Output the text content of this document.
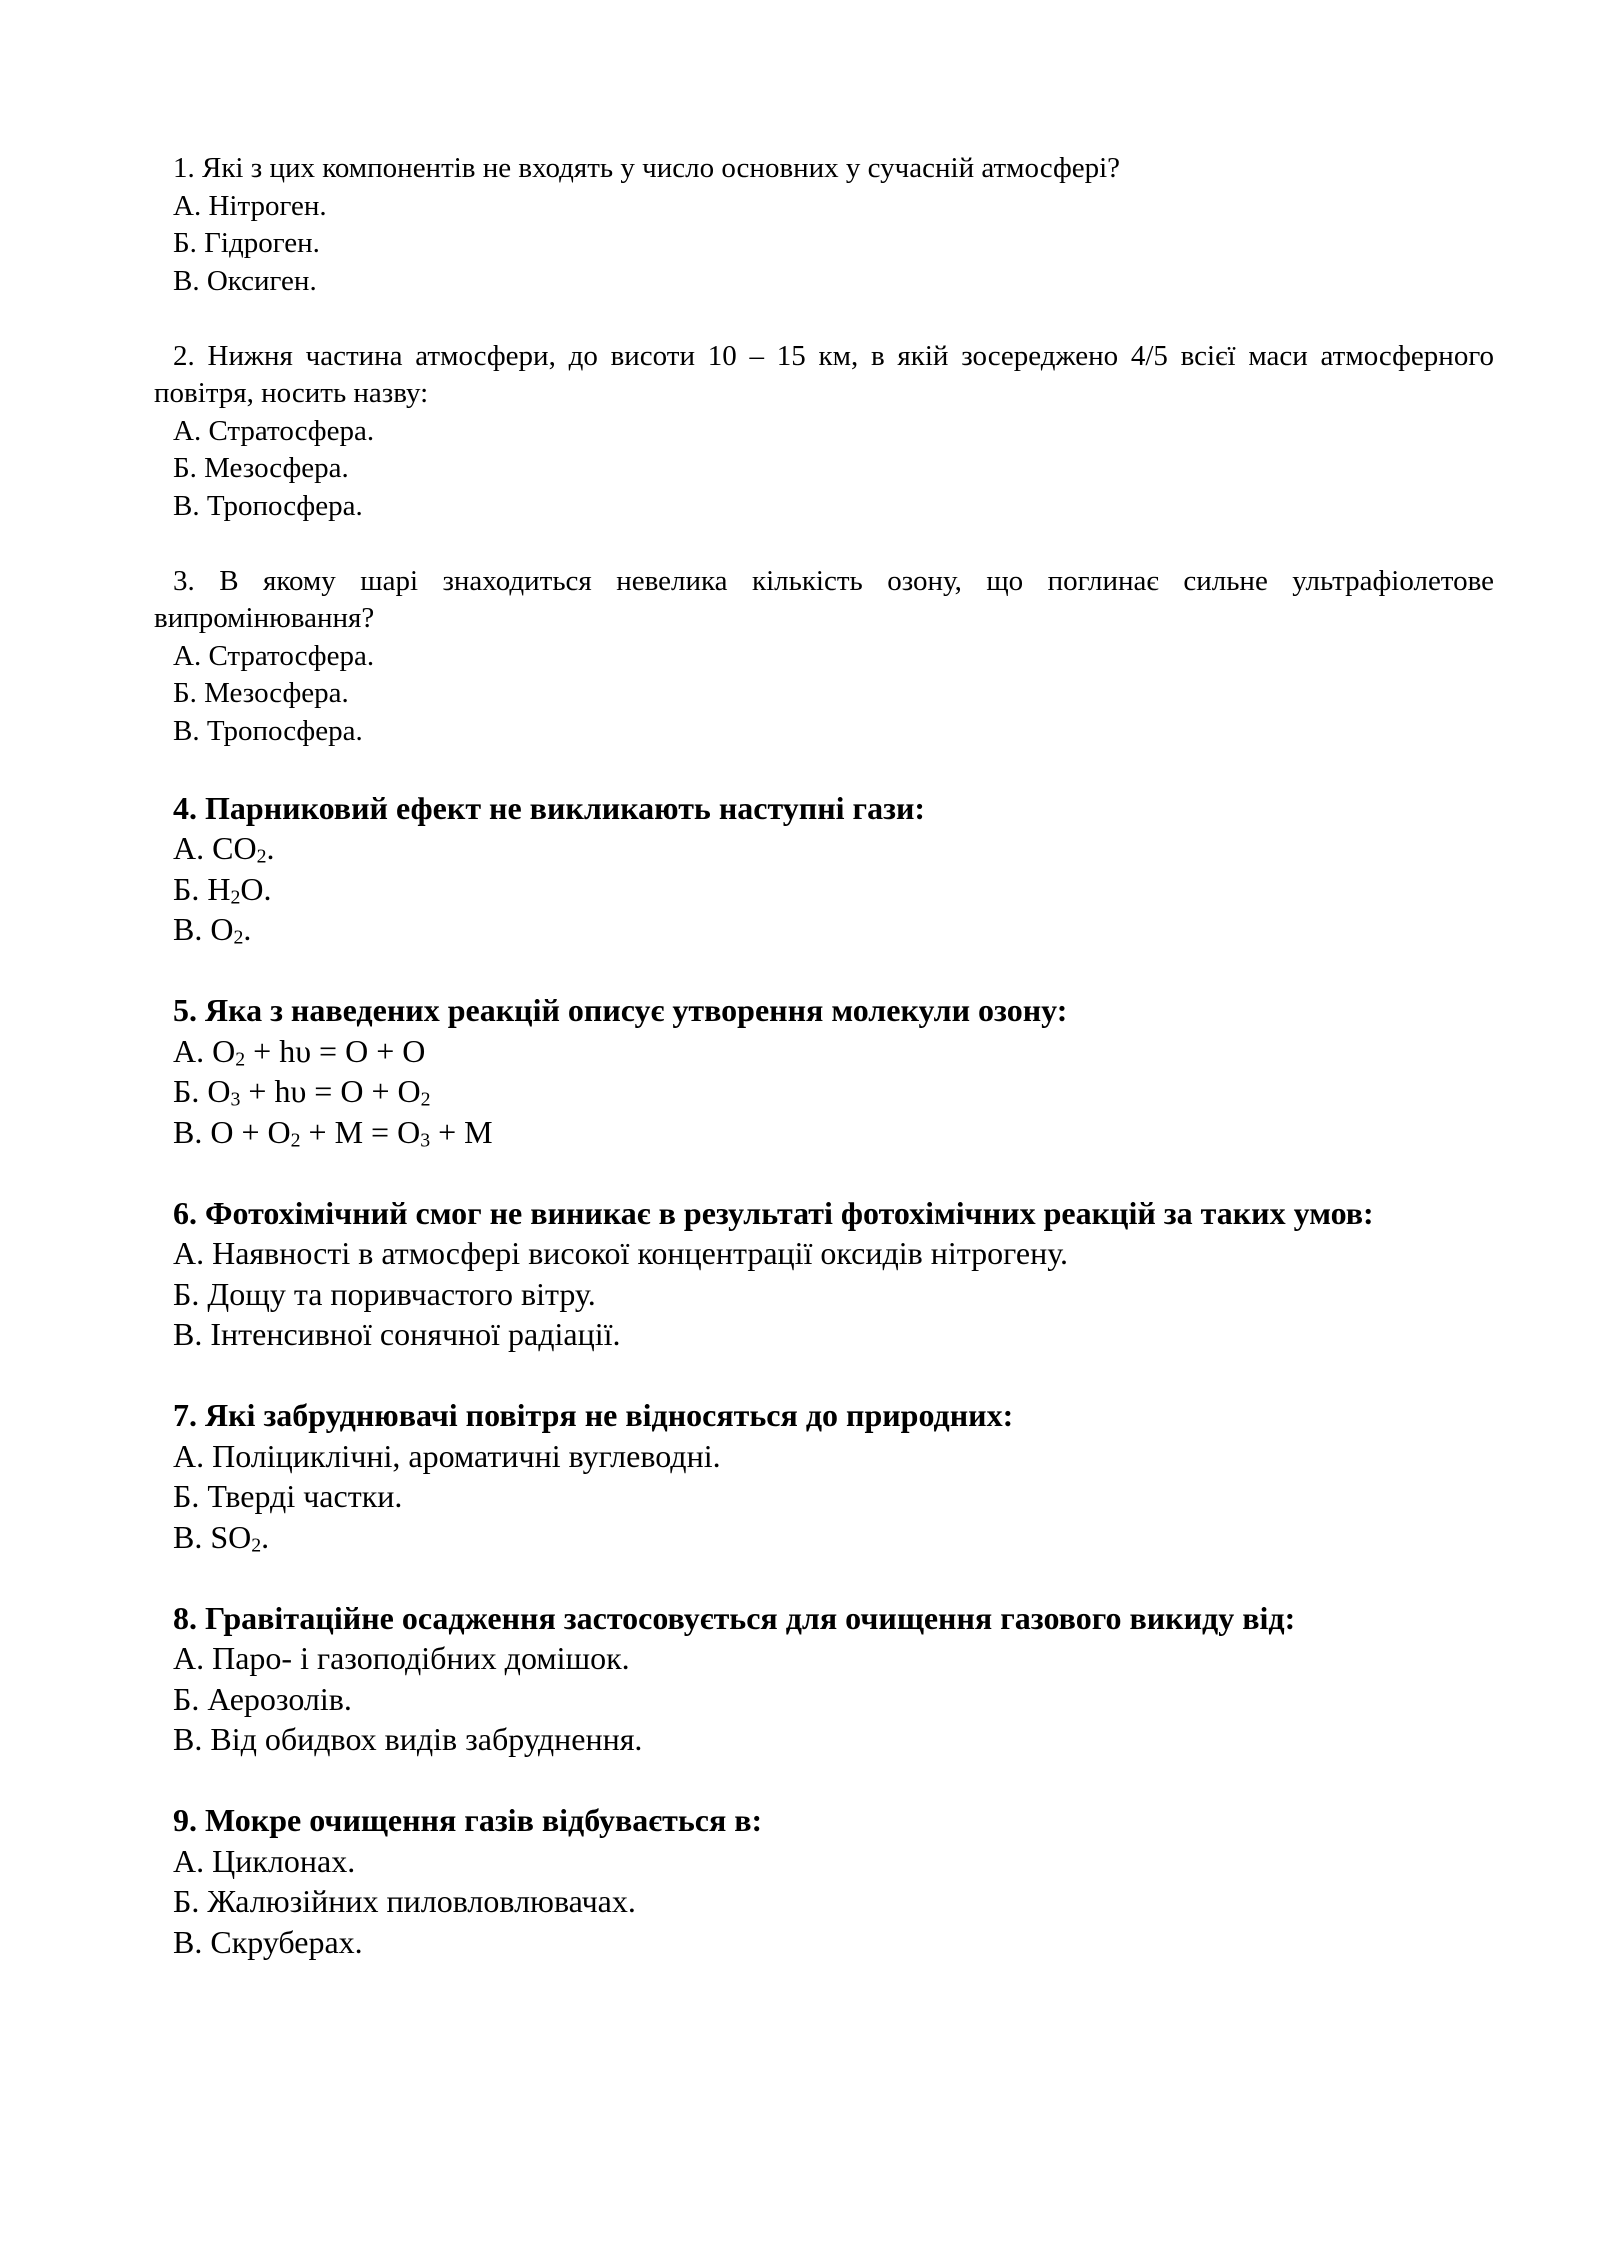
1. Які з цих компонентів не входять у число основних у сучасній атмосфері?

А. Нітроген.

Б. Гідроген.

В. Оксиген.

2. Нижня частина атмосфери, до висоти 10 – 15 км, в якій зосереджено 4/5 всієї маси атмосферного повітря, носить назву:

А. Стратосфера.

Б. Мезосфера.

В. Тропосфера.

3. В якому шарі знаходиться невелика кількість озону, що поглинає сильне ультрафіолетове випромінювання?

А. Стратосфера.

Б. Мезосфера.

В. Тропосфера.

4. Парниковий ефект не викликають наступні гази:

А. $CO_2$.

Б. $H_2O$.

В. $O_2$.

5. Яка з наведених реакцій описує утворення молекули озону:

А. $O_2 + h\upsilon = O + O$

Б. $O_3 + h\upsilon = O + O_2$

В. $O + O_2 + M = O_3 + M$

6. Фотохімічний смог не виникає в результаті фотохімічних реакцій за таких умов:

А. Наявності в атмосфері високої концентрації оксидів нітрогену.

Б. Дощу та поривчастого вітру.

В. Інтенсивної сонячної радіації.

7. Які забруднювачі повітря не відносяться до природних:

А. Поліциклічні, ароматичні вуглеводні.

Б. Тверді частки.

В. $SO_2$.

8. Гравітаційне осадження застосовується для очищення газового викиду від:

А. Паро- і газоподібних домішок.

Б. Аерозолів.

В. Від обидвох видів забруднення.

9. Мокре очищення газів відбувається в:

А. Циклонах.

Б. Жалюзійних пиловловлювачах.

В. Скруберах.
